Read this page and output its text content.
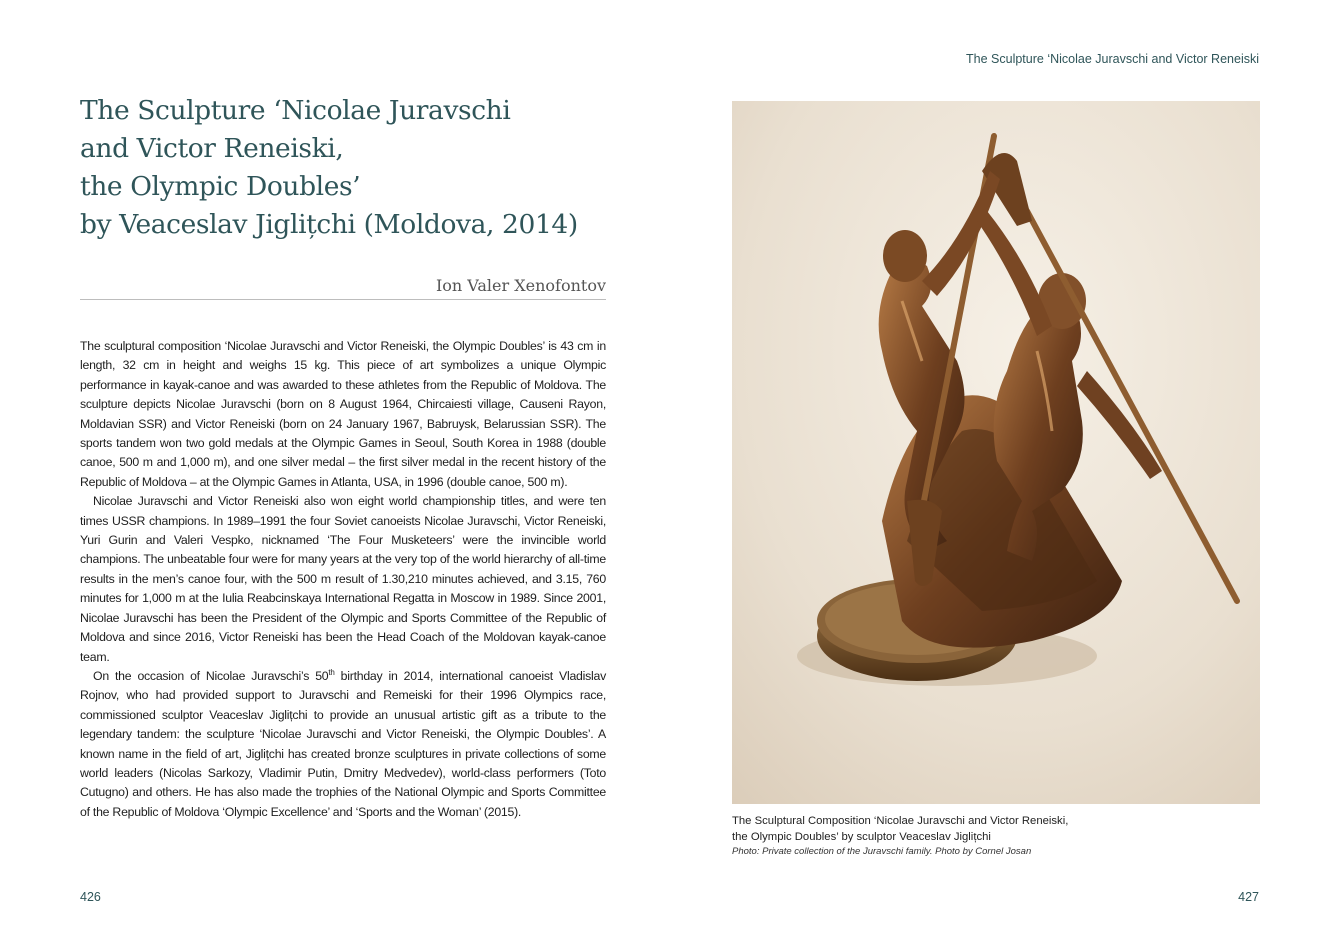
The Sculpture ‘Nicolae Juravschi
and Victor Reneiski,
the Olympic Doubles’
by Veaceslav Jiglițchi (Moldova, 2014)
Ion Valer Xenofontov

The sculptural composition ‘Nicolae Juravschi and Victor Reneiski, the Olympic Doubles’ is 43 cm in length, 32 cm in height and weighs 15 kg. This piece of art symbolizes a unique Olympic performance in kayak-canoe and was awarded to these athletes from the Republic of Moldova. The sculpture depicts Nicolae Juravschi (born on 8 August 1964, Chircaiesti village, Causeni Rayon, Moldavian SSR) and Victor Reneiski (born on 24 January 1967, Babruysk, Belarussian SSR). The sports tandem won two gold medals at the Olympic Games in Seoul, South Korea in 1988 (double canoe, 500 m and 1,000 m), and one silver medal – the first silver medal in the recent history of the Republic of Moldova – at the Olympic Games in Atlanta, USA, in 1996 (double canoe, 500 m).

Nicolae Juravschi and Victor Reneiski also won eight world championship titles, and were ten times USSR champions. In 1989–1991 the four Soviet canoeists Nicolae Juravschi, Victor Reneiski, Yuri Gurin and Valeri Vespko, nicknamed ‘The Four Musketeers’ were the invincible world champions. The unbeatable four were for many years at the very top of the world hierarchy of all-time results in the men’s canoe four, with the 500 m result of 1.30,210 minutes achieved, and 3.15, 760 minutes for 1,000 m at the Iulia Reabcinskaya International Regatta in Moscow in 1989. Since 2001, Nicolae Juravschi has been the President of the Olympic and Sports Committee of the Republic of Moldova and since 2016, Victor Reneiski has been the Head Coach of the Moldovan kayak-canoe team.

On the occasion of Nicolae Juravschi’s 50th birthday in 2014, international canoeist Vladislav Rojnov, who had provided support to Juravschi and Remeiski for their 1996 Olympics race, commissioned sculptor Veaceslav Jiglițchi to provide an unusual artistic gift as a tribute to the legendary tandem: the sculpture ‘Nicolae Juravschi and Victor Reneiski, the Olympic Doubles’. A known name in the field of art, Jiglițchi has created bronze sculptures in private collections of some world leaders (Nicolas Sarkozy, Vladimir Putin, Dmitry Medvedev), world-class performers (Toto Cutugno) and others. He has also made the trophies of the National Olympic and Sports Committee of the Republic of Moldova ‘Olympic Excellence’ and ‘Sports and the Woman’ (2015).

426
The Sculpture ‘Nicolae Juravschi and Victor Reneiski
The Sculptural Composition ‘Nicolae Juravschi and Victor Reneiski,
the Olympic Doubles’ by sculptor Veaceslav Jiglițchi
Photo: Private collection of the Juravschi family. Photo by Cornel Josan
427
